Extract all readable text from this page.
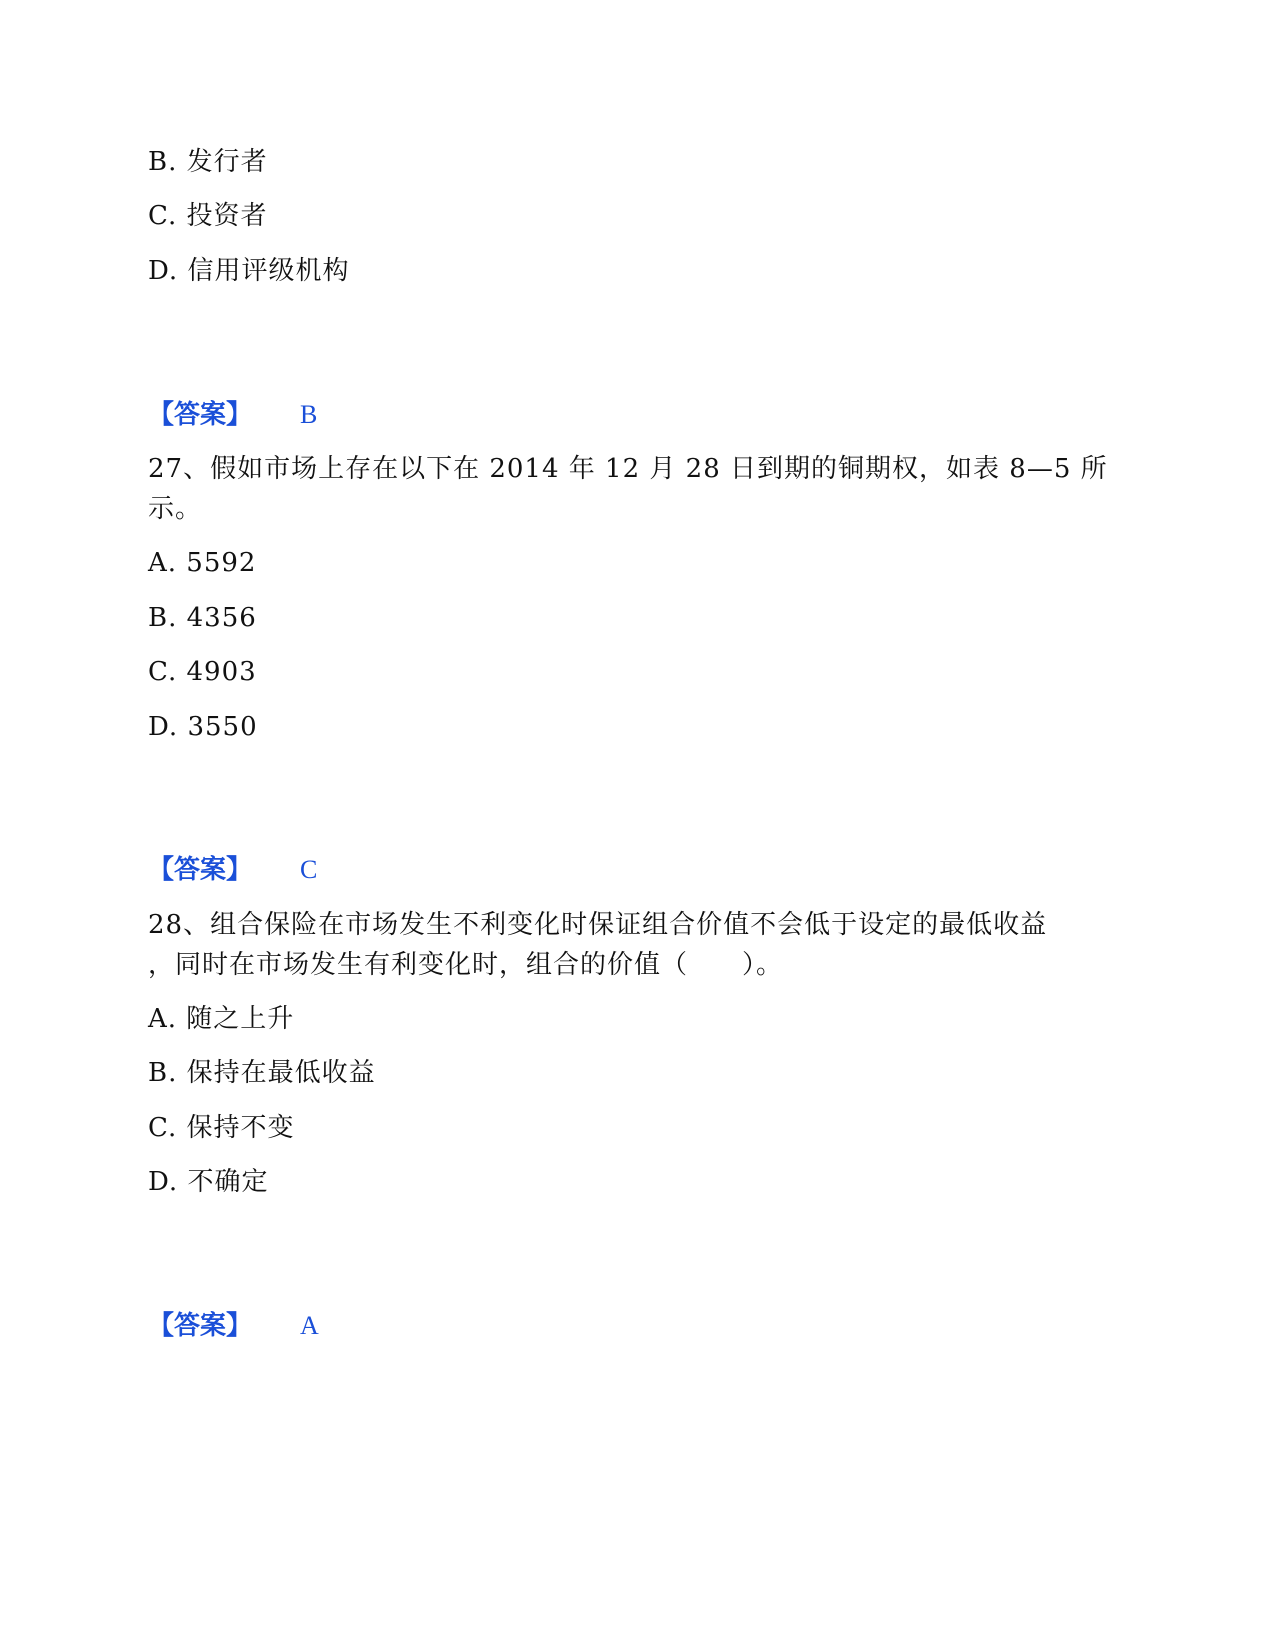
B. 发行者
C. 投资者
D. 信用评级机构
【答案】 B
27、假如市场上存在以下在 2014 年 12 月 28 日到期的铜期权，如表 8—5 所
示。
A. 5592
B. 4356
C. 4903
D. 3550
【答案】 C
28、组合保险在市场发生不利变化时保证组合价值不会低于设定的最低收益
，同时在市场发生有利变化时，组合的价值（　　）。
A. 随之上升
B. 保持在最低收益
C. 保持不变
D. 不确定
【答案】 A
